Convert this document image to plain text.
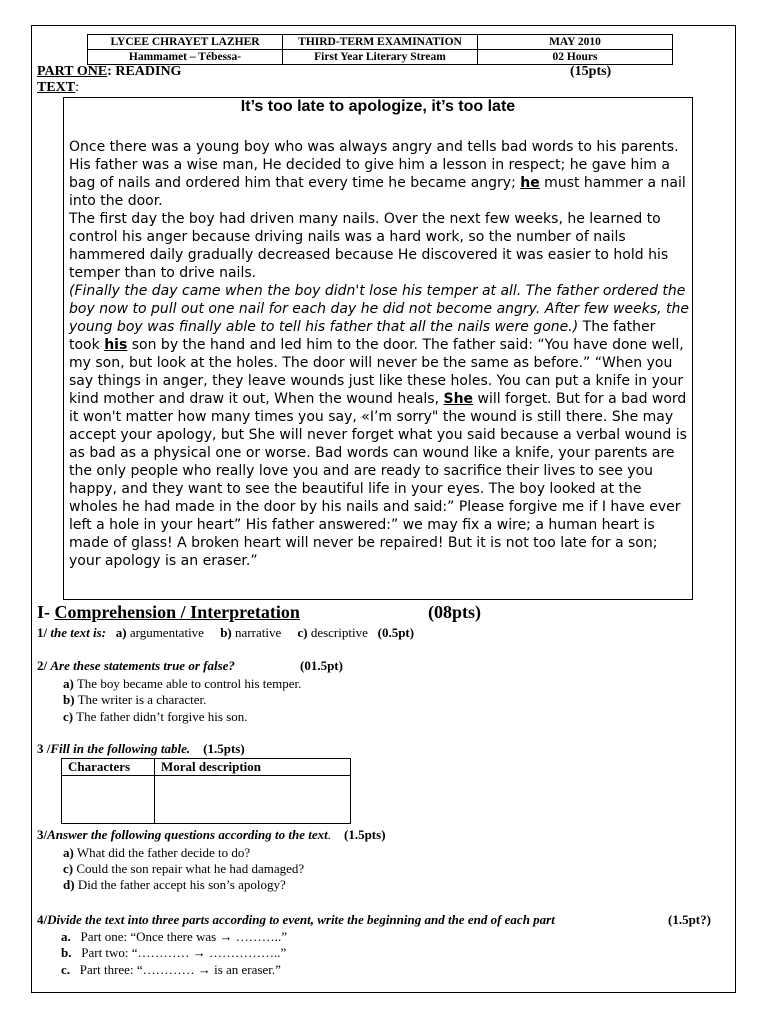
LYCEE CHRAYET LAZHER	THIRD-TERM EXAMINATION	MAY 2010
Hammamet – Tébessa-	First Year Literary Stream	02 Hours
PART ONE: READING	(15pts)
TEXT:
It’s too late to apologize, it’s too late

Once there was a young boy who was always angry and tells bad words to his parents. His father was a wise man, He decided to give him a lesson in respect; he gave him a bag of nails and ordered him that every time he became angry; he must hammer a nail into the door.

The first day the boy had driven many nails. Over the next few weeks, he learned to control his anger because driving nails was a hard work, so the number of nails hammered daily gradually decreased because He discovered it was easier to hold his temper than to drive nails.

(Finally the day came when the boy didn't lose his temper at all. The father ordered the boy now to pull out one nail for each day he did not become angry. After few weeks, the young boy was finally able to tell his father that all the nails were gone.) The father took his son by the hand and led him to the door. The father said: “You have done well, my son, but look at the holes. The door will never be the same as before.” “When you say things in anger, they leave wounds just like these holes. You can put a knife in your kind mother and draw it out, When the wound heals, She will forget. But for a bad word it won't matter how many times you say, «I’m sorry" the wound is still there. She may accept your apology, but She will never forget what you said because a verbal wound is as bad as a physical one or worse. Bad words can wound like a knife, your parents are the only people who really love you and are ready to sacrifice their lives to see you happy, and they want to see the beautiful life in your eyes. The boy looked at the wholes he had made in the door by his nails and said:” Please forgive me if I have ever left a hole in your heart” His father answered:” we may fix a wire; a human heart is made of glass! A broken heart will never be repaired! But it is not too late for a son; your apology is an eraser.”

I- Comprehension / Interpretation	(08pts)
1/ the text is: a) argumentative b) narrative c) descriptive (0.5pt)
2/ Are these statements true or false?	(01.5pt)
a) The boy became able to control his temper.
b) The writer is a character.
c) The father didn’t forgive his son.
3 /Fill in the following table. (1.5pts)
Characters	Moral description

3/Answer the following questions according to the text. (1.5pts)
a) What did the father decide to do?
c) Could the son repair what he had damaged?
d) Did the father accept his son’s apology?
4/Divide the text into three parts according to event, write the beginning and the end of each part	(1.5pt?)
a. Part one: “Once there was → ………..”
b. Part two: “………… → ……………..”
c. Part three: “………… → is an eraser.”
